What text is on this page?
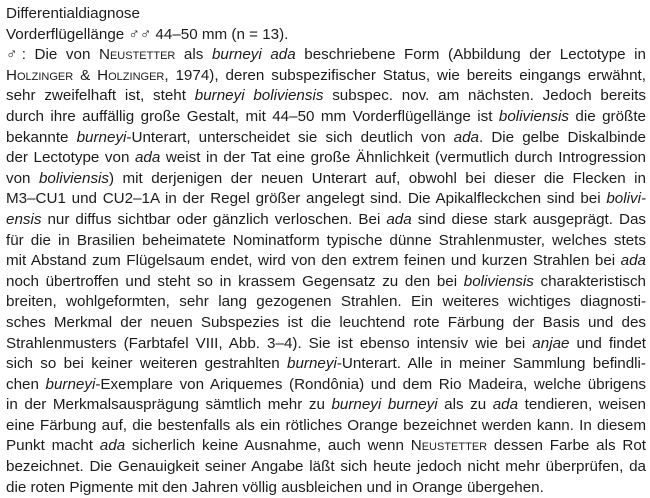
Differentialdiagnose
Vorderflügellänge ♂♂ 44–50 mm (n = 13).
♂: Die von Neustetter als burneyi ada beschriebene Form (Abbildung der Lectotype in
Holzinger & Holzinger, 1974), deren subspezifischer Status, wie bereits eingangs erwähnt,
sehr zweifelhaft ist, steht burneyi boliviensis subspec. nov. am nächsten. Jedoch bereits
durch ihre auffällig große Gestalt, mit 44–50 mm Vorderflügellänge ist boliviensis die größte
bekannte burneyi-Unterart, unterscheidet sie sich deutlich von ada. Die gelbe Diskalbinde
der Lectotype von ada weist in der Tat eine große Ähnlichkeit (vermutlich durch Introgression
von boliviensis) mit derjenigen der neuen Unterart auf, obwohl bei dieser die Flecken in
M3–CU1 und CU2–1A in der Regel größer angelegt sind. Die Apikalfleckchen sind bei bolivi-
ensis nur diffus sichtbar oder gänzlich verloschen. Bei ada sind diese stark ausgeprägt. Das
für die in Brasilien beheimatete Nominatform typische dünne Strahlenmuster, welches stets
mit Abstand zum Flügelsaum endet, wird von den extrem feinen und kurzen Strahlen bei ada
noch übertroffen und steht so in krassem Gegensatz zu den bei boliviensis charakteristisch
breiten, wohlgeformten, sehr lang gezogenen Strahlen. Ein weiteres wichtiges diagnosti-
sches Merkmal der neuen Subspezies ist die leuchtend rote Färbung der Basis und des
Strahlenmusters (Farbtafel VIII, Abb. 3–4). Sie ist ebenso intensiv wie bei anjae und findet
sich so bei keiner weiteren gestrahlten burneyi-Unterart. Alle in meiner Sammlung befindli-
chen burneyi-Exemplare von Ariquemes (Rondônia) und dem Rio Madeira, welche übrigens
in der Merkmalsausprägung sämtlich mehr zu burneyi burneyi als zu ada tendieren, weisen
eine Färbung auf, die bestenfalls als ein rötliches Orange bezeichnet werden kann. In diesem
Punkt macht ada sicherlich keine Ausnahme, auch wenn Neustetter dessen Farbe als Rot
bezeichnet. Die Genauigkeit seiner Angabe läßt sich heute jedoch nicht mehr überprüfen, da
die roten Pigmente mit den Jahren völlig ausbleichen und in Orange übergehen.
